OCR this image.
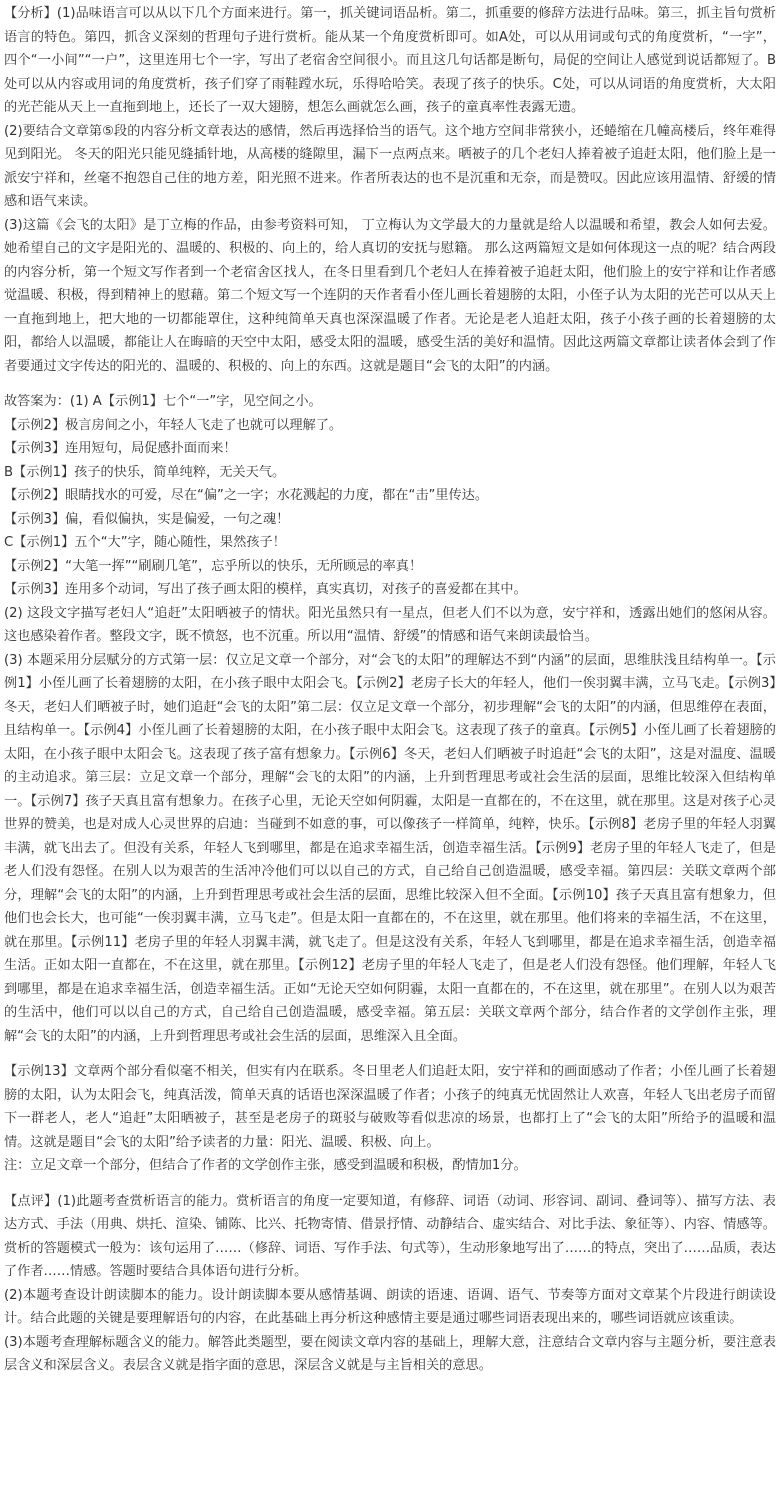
【分析】(1)品味语言可以从以下几个方面来进行。第一，抓关键词语品析。第二，抓重要的修辞方法进行品味。第三，抓主旨句赏析语言的特色。第四，抓含义深刻的哲理句子进行赏析。能从某一个角度赏析即可。如A处，可以从用词或句式的角度赏析，“一字”，四个“一小间”“一户”，这里连用七个一字，写出了老宿舍空间很小。而且这几句话都是断句，局促的空间让人感觉到说话都短了。B处可以从内容或用词的角度赏析，孩子们穿了雨鞋蹚水玩，乐得哈哈笑。表现了孩子的快乐。C处，可以从词语的角度赏析，大太阳的光芒能从天上一直拖到地上，还长了一双大翅膀，想怎么画就怎么画，孩子的童真率性表露无遗。

(2)要结合文章第⑤段的内容分析文章表达的感情，然后再选择恰当的语气。这个地方空间非常狭小，还蜷缩在几幢高楼后，终年难得见到阳光。 冬天的阳光只能见缝插针地，从高楼的缝隙里，漏下一点两点来。晒被子的几个老妇人捧着被子追赶太阳，他们脸上是一派安宁祥和，丝毫不抱怨自己住的地方差，阳光照不进来。作者所表达的也不是沉重和无奈，而是赞叹。因此应该用温情、舒缓的情感和语气来读。

(3)这篇《会飞的太阳》是丁立梅的作品，由参考资料可知， 丁立梅认为文学最大的力量就是给人以温暖和希望，教会人如何去爱。她希望自己的文字是阳光的、温暖的、积极的、向上的，给人真切的安抚与慰籍。 那么这两篇短文是如何体现这一点的呢？结合两段的内容分析，第一个短文写作者到一个老宿舍区找人，在冬日里看到几个老妇人在捧着被子追赶太阳，他们脸上的安宁祥和让作者感觉温暖、积极，得到精神上的慰藉。第二个短文写一个连阴的天作者看小侄儿画长着翅膀的太阳，小侄子认为太阳的光芒可以从天上一直拖到地上，把大地的一切都能罩住，这种纯简单天真也深深温暖了作者。无论是老人追赶太阳，孩子小孩子画的长着翅膀的太阳，都给人以温暖，都能让人在晦暗的天空中太阳，感受太阳的温暖，感受生活的美好和温情。因此这两篇文章都让读者体会到了作者要通过文字传达的阳光的、温暖的、积极的、向上的东西。这就是题目“会飞的太阳”的内涵。

故答案为：(1) A【示例1】七个“一”字，见空间之小。

【示例2】极言房间之小，年轻人飞走了也就可以理解了。

【示例3】连用短句，局促感扑面而来！

B【示例1】孩子的快乐，简单纯粹，无关天气。

【示例2】眼睛找水的可爱，尽在“偏”之一字；水花溅起的力度，都在“击”里传达。

【示例3】偏，看似偏执，实是偏爱，一句之魂！

C【示例1】五个“大”字，随心随性，果然孩子！

【示例2】“大笔一挥”“刷刷几笔”，忘乎所以的快乐，无所顾忌的率真！

【示例3】连用多个动词，写出了孩子画太阳的模样，真实真切，对孩子的喜爱都在其中。

(2) 这段文字描写老妇人“追赶”太阳晒被子的情状。阳光虽然只有一星点，但老人们不以为意，安宁祥和，透露出她们的悠闲从容。这也感染着作者。整段文字，既不愤怒，也不沉重。所以用“温情、舒缓”的情感和语气来朗读最恰当。

(3) 本题采用分层赋分的方式第一层：仅立足文章一个部分，对“会飞的太阳”的理解达不到“内涵”的层面，思维肤浅且结构单一。【示例1】小侄儿画了长着翅膀的太阳，在小孩子眼中太阳会飞。【示例2】老房子长大的年轻人，他们一俟羽翼丰满，立马飞走。【示例3】冬天，老妇人们晒被子时，她们追赶“会飞的太阳”第二层：仅立足文章一个部分，初步理解“会飞的太阳”的内涵，但思维停在表面，且结构单一。【示例4】小侄儿画了长着翅膀的太阳，在小孩子眼中太阳会飞。这表现了孩子的童真。【示例5】小侄儿画了长着翅膀的太阳，在小孩子眼中太阳会飞。这表现了孩子富有想象力。【示例6】冬天，老妇人们晒被子时追赶“会飞的太阳”，这是对温度、温暖的主动追求。第三层：立足文章一个部分，理解“会飞的太阳”的内涵，上升到哲理思考或社会生活的层面，思维比较深入但结构单一。【示例7】孩子天真且富有想象力。在孩子心里，无论天空如何阴霾，太阳是一直都在的，不在这里，就在那里。这是对孩子心灵世界的赞美，也是对成人心灵世界的启迪：当碰到不如意的事，可以像孩子一样简单，纯粹，快乐。【示例8】老房子里的年轻人羽翼丰满，就飞出去了。但没有关系，年轻人飞到哪里，都是在追求幸福生活，创造幸福生活。【示例9】老房子里的年轻人飞走了，但是老人们没有怨怪。在别人以为艰苦的生活冲冷他们可以以自己的方式，自己给自己创造温暖，感受幸福。第四层：关联文章两个部分，理解“会飞的太阳”的内涵，上升到哲理思考或社会生活的层面，思维比较深入但不全面。【示例10】孩子天真且富有想象力，但他们也会长大，也可能“一俟羽翼丰满，立马飞走”。但是太阳一直都在的，不在这里，就在那里。他们将来的幸福生活，不在这里，就在那里。【示例11】老房子里的年轻人羽翼丰满，就飞走了。但是这没有关系，年轻人飞到哪里，都是在追求幸福生活，创造幸福生活。正如太阳一直都在，不在这里，就在那里。【示例12】老房子里的年轻人飞走了，但是老人们没有怨怪。他们理解，年轻人飞到哪里，都是在追求幸福生活，创造幸福生活。正如“无论天空如何阴霾，太阳一直都在的，不在这里，就在那里”。在别人以为艰苦的生活中，他们可以以自己的方式，自己给自己创造温暖，感受幸福。第五层：关联文章两个部分，结合作者的文学创作主张，理解“会飞的太阳”的内涵，上升到哲理思考或社会生活的层面，思维深入且全面。

【示例13】文章两个部分看似毫不相关，但实有内在联系。冬日里老人们追赶太阳，安宁祥和的画面感动了作者；小侄儿画了长着翅膀的太阳，认为太阳会飞，纯真活泼，简单天真的话语也深深温暖了作者；小孩子的纯真无忧固然让人欢喜，年轻人飞出老房子而留下一群老人，老人“追赶”太阳晒被子，甚至是老房子的斑驳与破败等看似悲凉的场景，也都打上了“会飞的太阳”所给予的温暖和温情。这就是题目“会飞的太阳”给予读者的力量：阳光、温暖、积极、向上。

注：立足文章一个部分，但结合了作者的文学创作主张，感受到温暖和积极，酌情加1分。

【点评】(1)此题考查赏析语言的能力。赏析语言的角度一定要知道，有修辞、词语（动词、形容词、副词、叠词等）、描写方法、表达方式、手法（用典、烘托、渲染、铺陈、比兴、托物寄情、借景抒情、动静结合、虚实结合、对比手法、象征等）、内容、情感等。赏析的答题模式一般为：该句运用了……（修辞、词语、写作手法、句式等），生动形象地写出了……的特点，突出了……品质，表达了作者……情感。答题时要结合具体语句进行分析。

(2)本题考查设计朗读脚本的能力。设计朗读脚本要从感情基调、朗读的语速、语调、语气、节奏等方面对文章某个片段进行朗读设计。结合此题的关键是要理解语句的内容，在此基础上再分析这种感情主要是通过哪些词语表现出来的，哪些词语就应该重读。

(3)本题考查理解标题含义的能力。解答此类题型，要在阅读文章内容的基础上，理解大意，注意结合文章内容与主题分析，要注意表层含义和深层含义。表层含义就是指字面的意思，深层含义就是与主旨相关的意思。
